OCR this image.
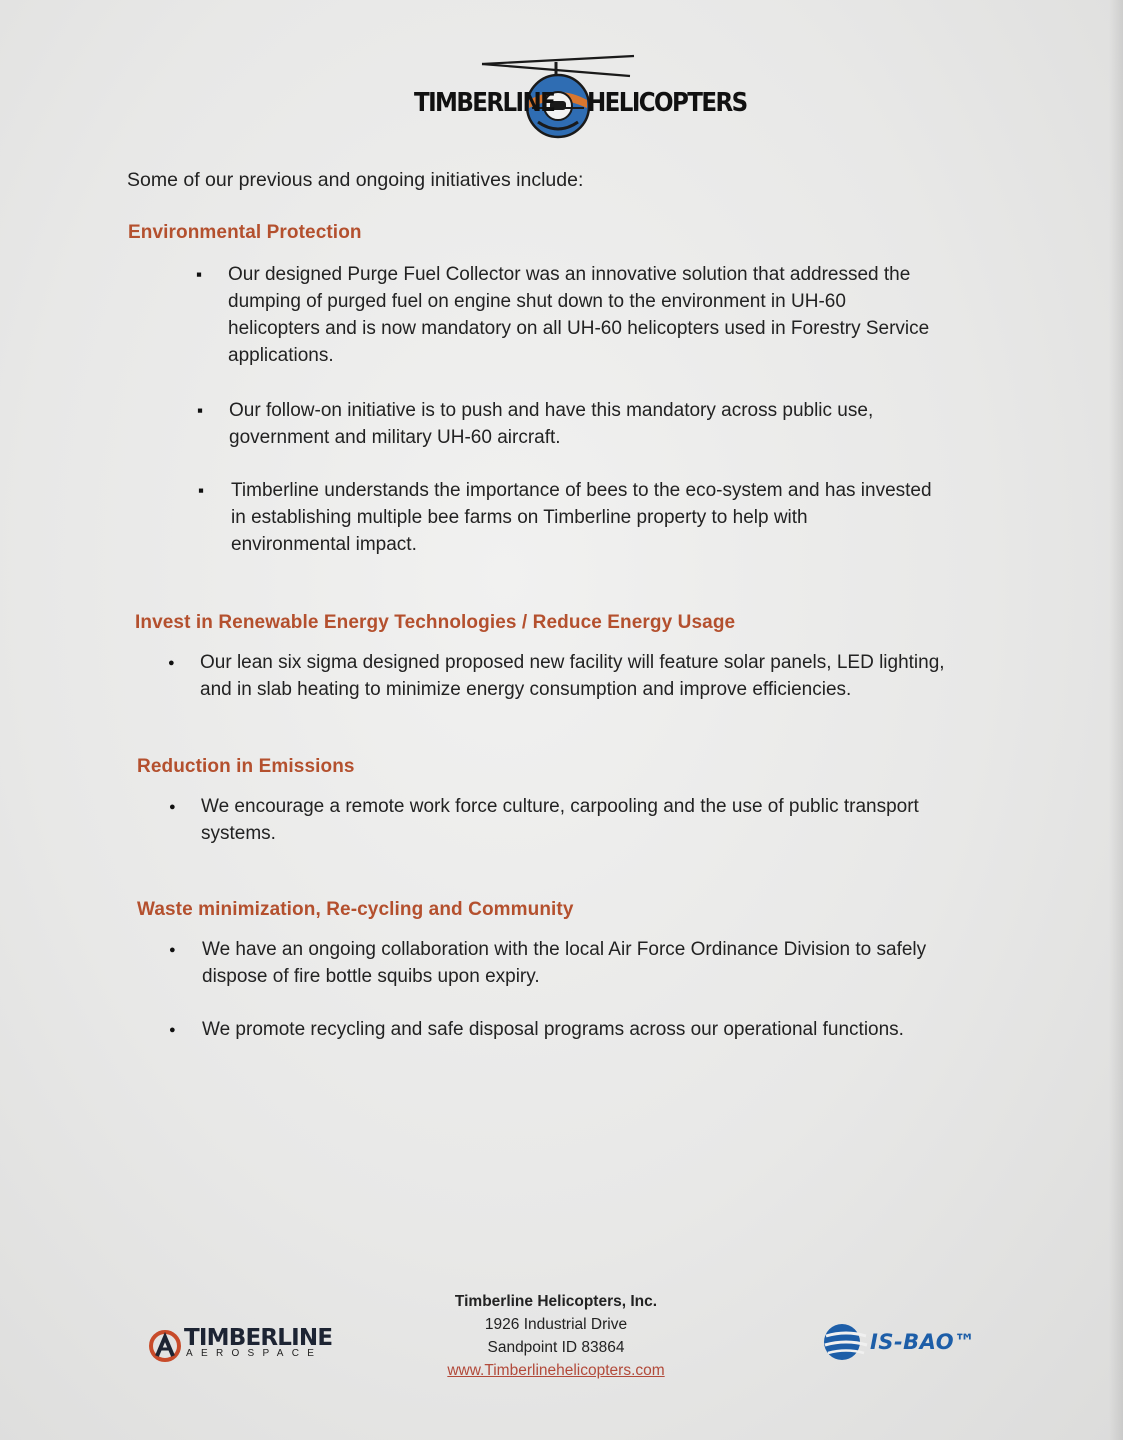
TIMBERLINE HELICOPTERS
Some of our previous and ongoing initiatives include:
Environmental Protection
▪ Our designed Purge Fuel Collector was an innovative solution that addressed the
dumping of purged fuel on engine shut down to the environment in UH-60
helicopters and is now mandatory on all UH-60 helicopters used in Forestry Service
applications.
▪ Our follow-on initiative is to push and have this mandatory across public use,
government and military UH-60 aircraft.
▪ Timberline understands the importance of bees to the eco-system and has invested
in establishing multiple bee farms on Timberline property to help with
environmental impact.
Invest in Renewable Energy Technologies / Reduce Energy Usage
● Our lean six sigma designed proposed new facility will feature solar panels, LED lighting,
and in slab heating to minimize energy consumption and improve efficiencies.
Reduction in Emissions
● We encourage a remote work force culture, carpooling and the use of public transport
systems.
Waste minimization, Re-cycling and Community
● We have an ongoing collaboration with the local Air Force Ordinance Division to safely
dispose of fire bottle squibs upon expiry.
● We promote recycling and safe disposal programs across our operational functions.
TIMBERLINE
AEROSPACE
Timberline Helicopters, Inc.
1926 Industrial Drive
Sandpoint ID 83864
www.Timberlinehelicopters.com
IS-BAO™
